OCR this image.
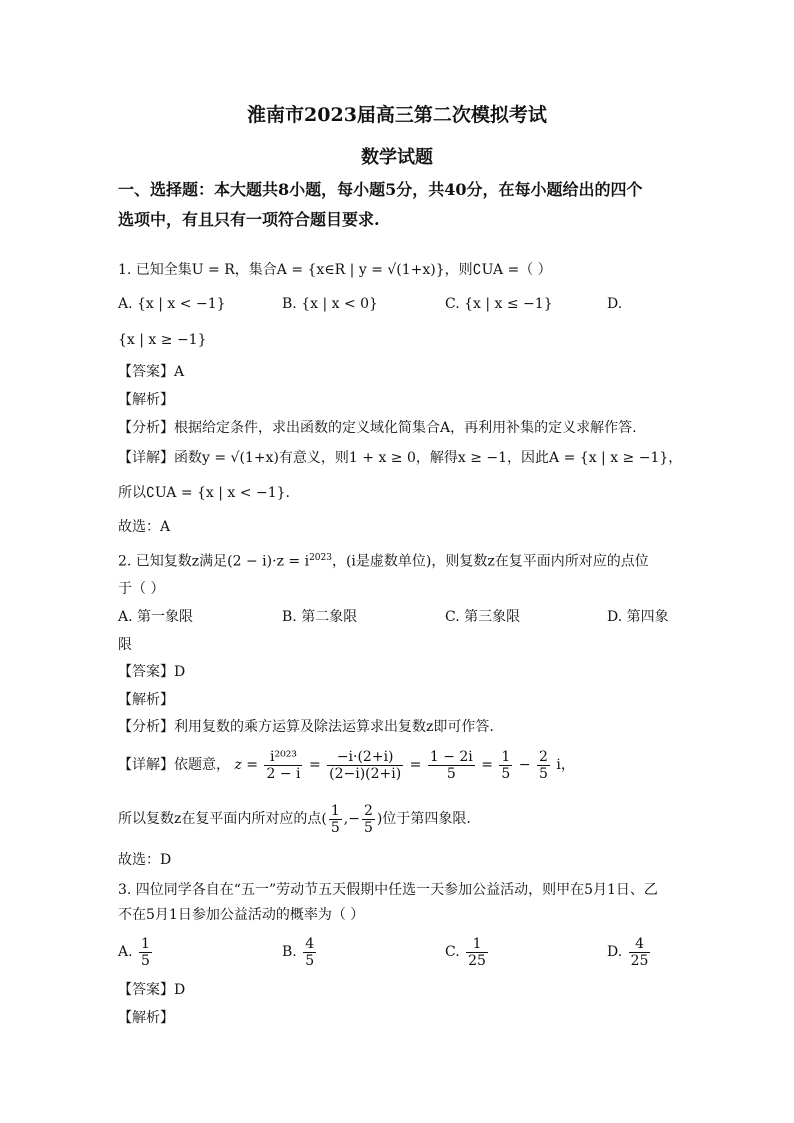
淮南市2023届高三第二次模拟考试
数学试题
一、选择题：本大题共8小题，每小题5分，共40分，在每小题给出的四个
选项中，有且只有一项符合题目要求.
1. 已知全集U = R，集合A = {x∈R | y = √(1+x)}，则∁UA =（ ）
A. {x | x < −1}	B. {x | x < 0}	C. {x | x ≤ −1}	D.
{x | x ≥ −1}
【答案】A
【解析】
【分析】根据给定条件，求出函数的定义域化简集合A，再利用补集的定义求解作答.
【详解】函数y = √(1+x)有意义，则1 + x ≥ 0，解得x ≥ −1，因此A = {x | x ≥ −1}，
所以∁UA = {x | x < −1}.
故选：A
2. 已知复数z满足$(2 - i)\cdot z = i^{2023}$，(i是虚数单位)，则复数z在复平面内所对应的点位
于（ ）
A. 第一象限	B. 第二象限	C. 第三象限	D. 第四象
限
【答案】D
【解析】
【分析】利用复数的乘方运算及除法运算求出复数z即可作答.
【详解】依题意， $z = \frac{\text{i²⁰²³}}{2 - i} = \frac{-i\cdot(2+i)}{(2-i)(2+i)} = \frac{1 - 2i}{5} = \frac{1}{5} - \frac{2}{5}$ i，
所以复数z在复平面内所对应的点( $\frac{1}{5}$ ,− $\frac{2}{5}$ )位于第四象限.
故选：D
3. 四位同学各自在“五一”劳动节五天假期中任选一天参加公益活动，则甲在5月1日、乙
不在5月1日参加公益活动的概率为（ ）
A. $\frac{1}{5}$	B. $\frac{4}{5}$	C. $\frac{1}{25}$	D. $\frac{4}{25}$
【答案】D
【解析】
